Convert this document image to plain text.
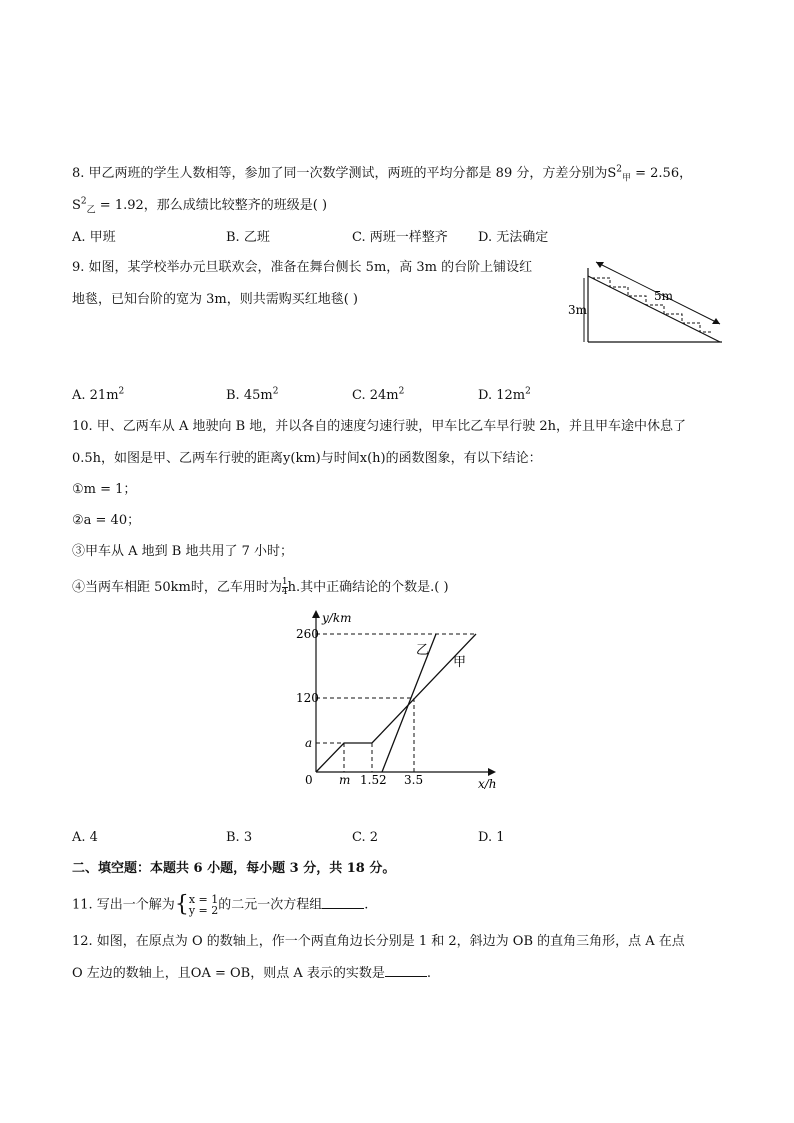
8. 甲乙两班的学生人数相等，参加了同一次数学测试，两班的平均分都是 89 分，方差分别为$S^2_甲 = 2.56$，
$S^2_乙 = 1.92$，那么成绩比较整齐的班级是( )
A. 甲班	B. 乙班	C. 两班一样整齐 D. 无法确定
9. 如图，某学校举办元旦联欢会，准备在舞台侧长 5m，高 3m 的台阶上铺设红
地毯，已知台阶的宽为 3m，则共需购买红地毯( )
3m
5m
A. $21m^2$	B. $45m^2$	C. $24m^2$	D. $12m^2$
10. 甲、乙两车从 A 地驶向 B 地，并以各自的速度匀速行驶，甲车比乙车早行驶 2h，并且甲车途中休息了
0.5h，如图是甲、乙两车行驶的距离y(km)与时间x(h)的函数图象，有以下结论：
①m = 1；
②a = 40；
③甲车从 A 地到 B 地共用了 7 小时；
④当两车相距 50km时，乙车用时为 $\frac{1}{4} h$.其中正确结论的个数是.( )
y/km
x/h
260
120
a
0 m 1.5 2 3.5
乙
甲
A. 4	B. 3	C. 2	D. 1
二、填空题：本题共 6 小题，每小题 3 分，共 18 分。
11. 写出一个解为{ x = 1
y = 2 的二元一次方程组	.
12. 如图，在原点为 O 的数轴上，作一个两直角边长分别是 1 和 2，斜边为 OB 的直角三角形，点 A 在点
O 左边的数轴上，且OA = OB，则点 A 表示的实数是	.
